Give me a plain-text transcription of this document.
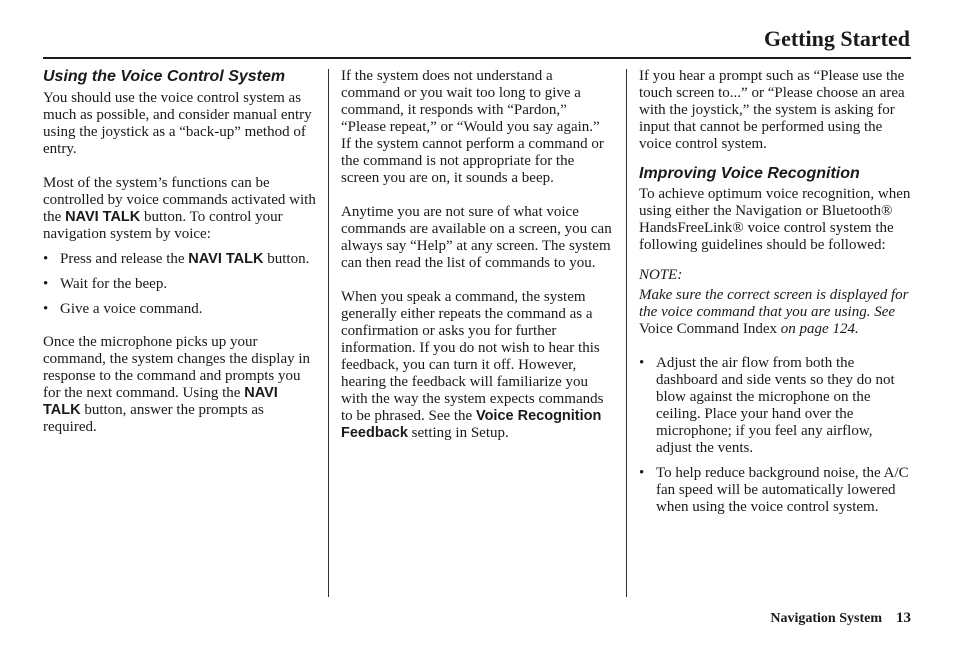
Getting Started

Using the Voice Control System

You should use the voice control system as much as possible, and consider manual entry using the joystick as a “back-up” method of entry.

Most of the system’s functions can be controlled by voice commands activated with the NAVI TALK button. To control your navigation system by voice:

• Press and release the NAVI TALK button.
• Wait for the beep.
• Give a voice command.

Once the microphone picks up your command, the system changes the display in response to the command and prompts you for the next command. Using the NAVI TALK button, answer the prompts as required.

If the system does not understand a command or you wait too long to give a command, it responds with “Pardon,” “Please repeat,” or “Would you say again.” If the system cannot perform a command or the command is not appropriate for the screen you are on, it sounds a beep.

Anytime you are not sure of what voice commands are available on a screen, you can always say “Help” at any screen. The system can then read the list of commands to you.

When you speak a command, the system generally either repeats the command as a confirmation or asks you for further information. If you do not wish to hear this feedback, you can turn it off. However, hearing the feedback will familiarize you with the way the system expects commands to be phrased. See the Voice Recognition Feedback setting in Setup.

If you hear a prompt such as “Please use the touch screen to...” or “Please choose an area with the joystick,” the system is asking for input that cannot be performed using the voice control system.

Improving Voice Recognition

To achieve optimum voice recognition, when using either the Navigation or Bluetooth® HandsFreeLink® voice control system the following guidelines should be followed:

NOTE:

Make sure the correct screen is displayed for the voice command that you are using. See Voice Command Index on page 124.

• Adjust the air flow from both the dashboard and side vents so they do not blow against the microphone on the ceiling. Place your hand over the microphone; if you feel any airflow, adjust the vents.
• To help reduce background noise, the A/C fan speed will be automatically lowered when using the voice control system.
Navigation System 13
